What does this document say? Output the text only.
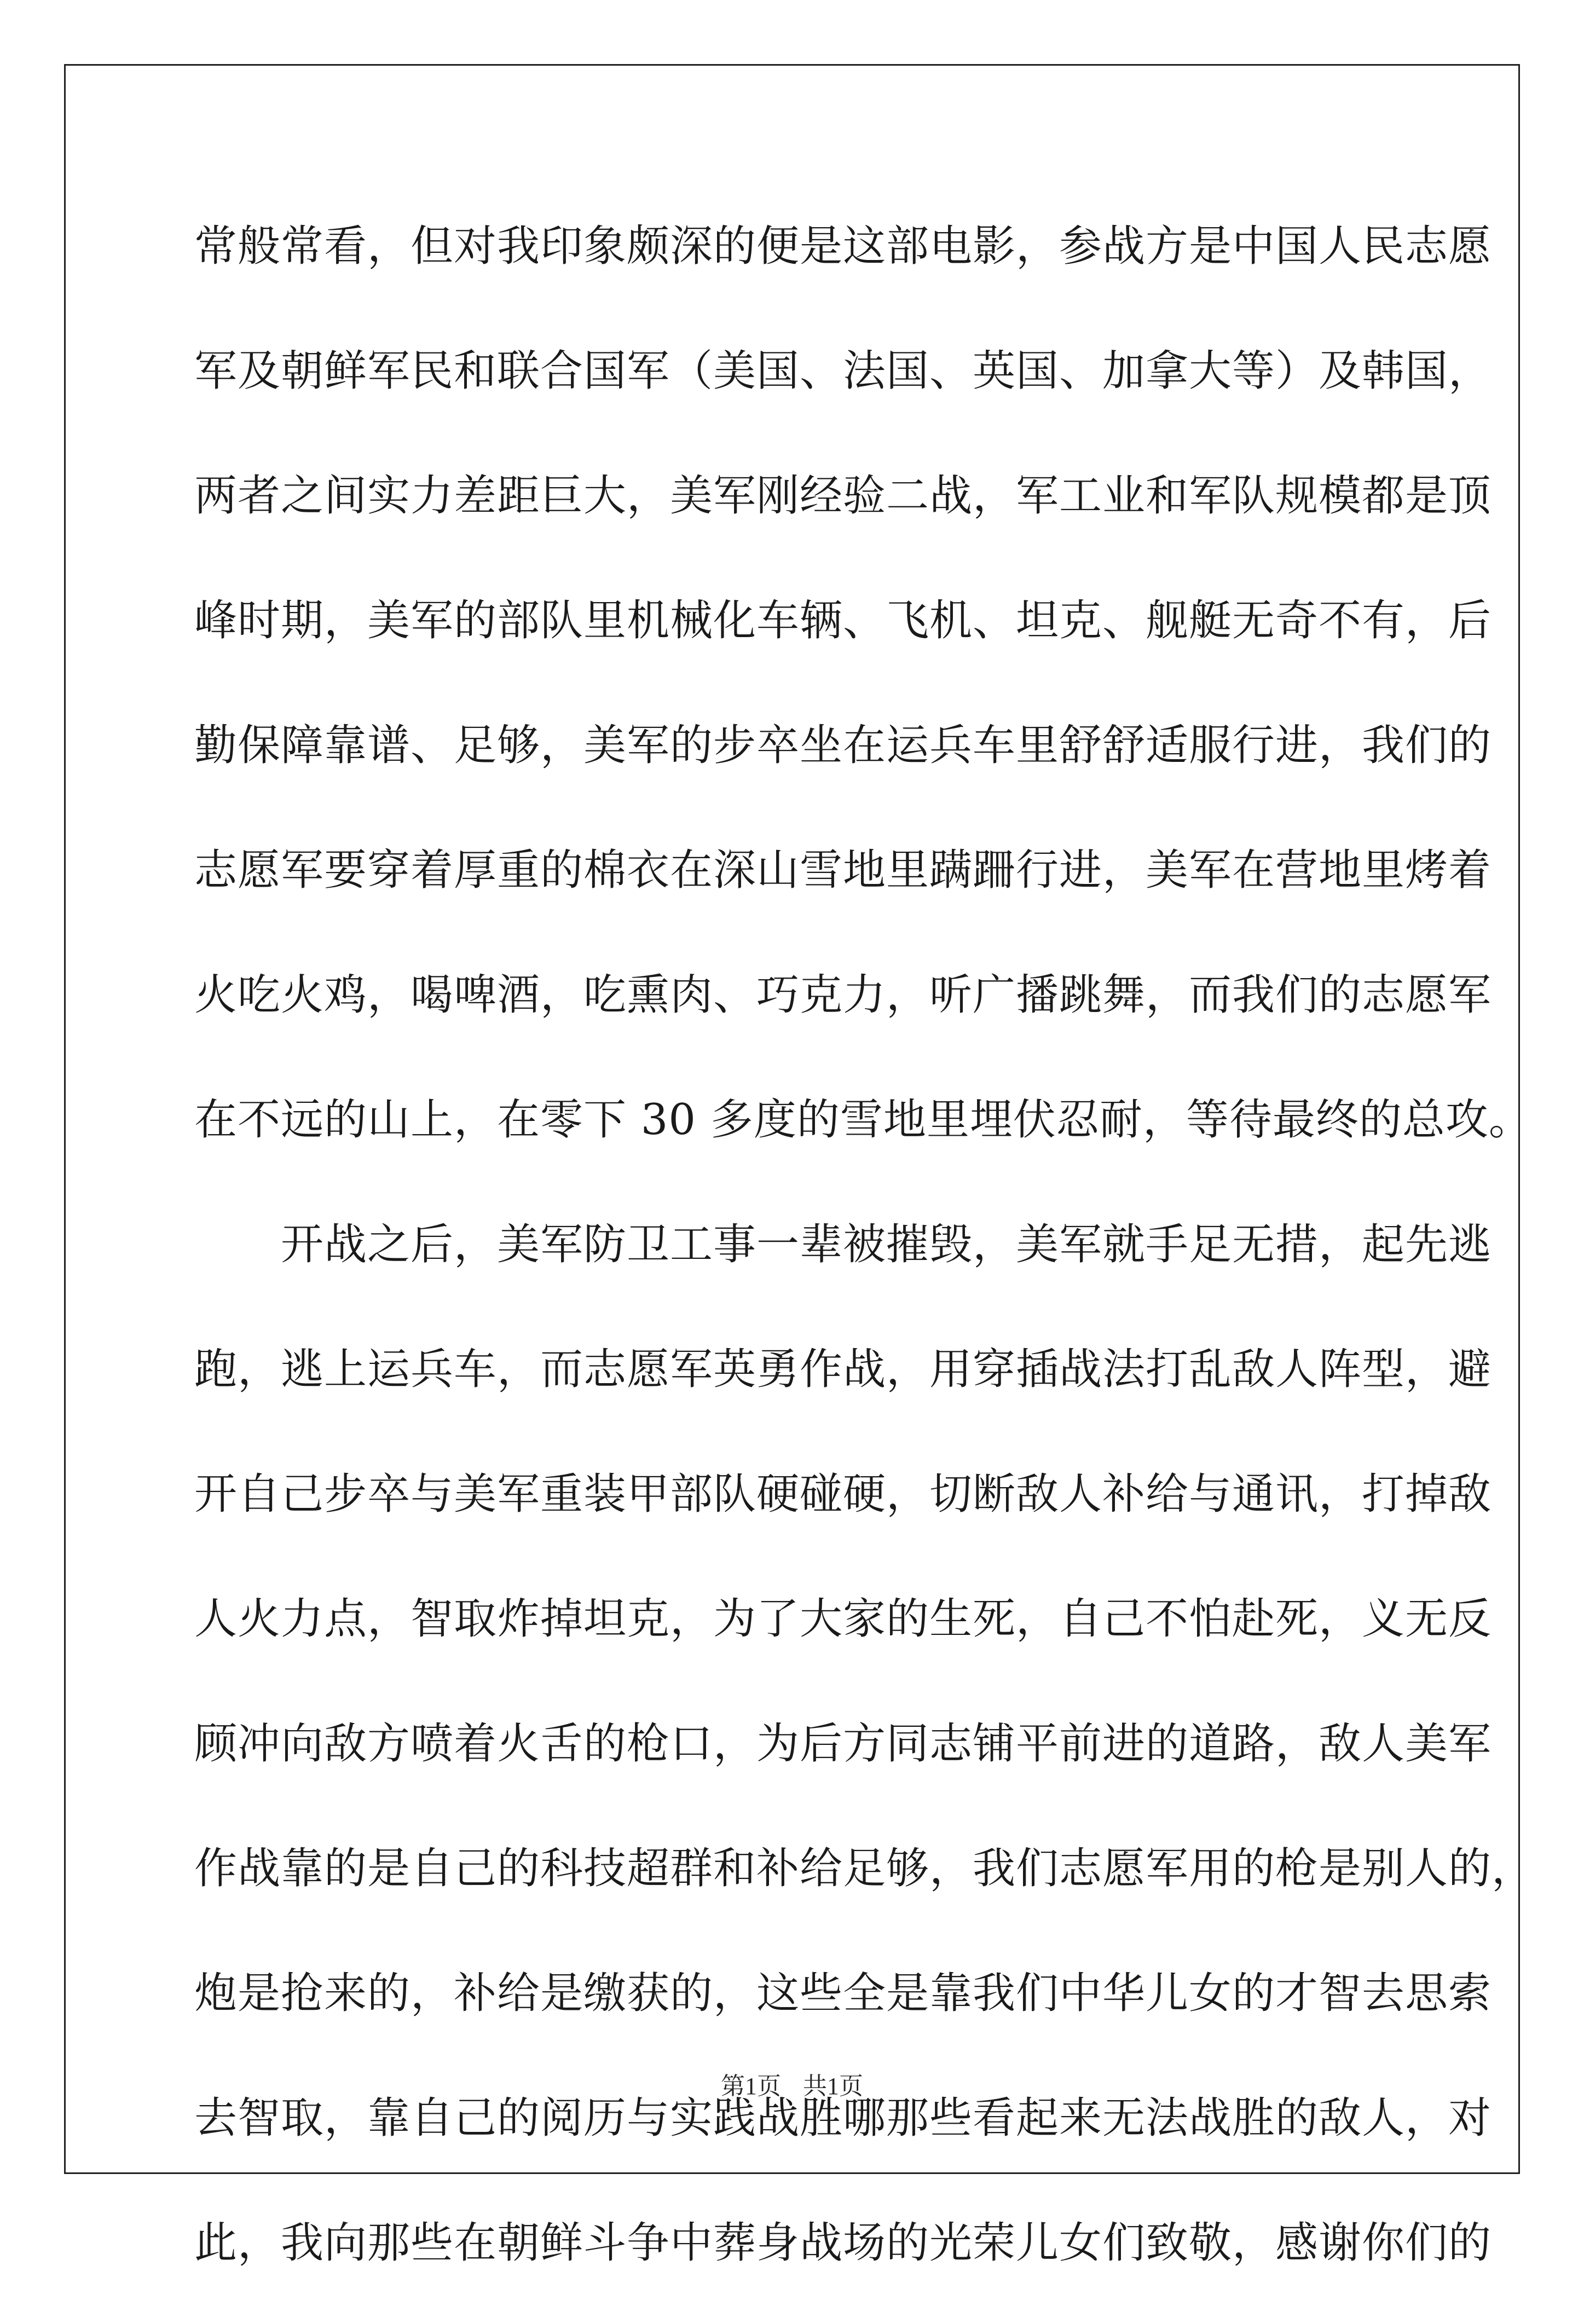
常般常看，但对我印象颇深的便是这部电影，参战方是中国人民志愿
军及朝鲜军民和联合国军（美国、法国、英国、加拿大等）及韩国，
两者之间实力差距巨大，美军刚经验二战，军工业和军队规模都是顶
峰时期，美军的部队里机械化车辆、飞机、坦克、舰艇无奇不有，后
勤保障靠谱、足够，美军的步卒坐在运兵车里舒舒适服行进，我们的
志愿军要穿着厚重的棉衣在深山雪地里蹒跚行进，美军在营地里烤着
火吃火鸡，喝啤酒，吃熏肉、巧克力，听广播跳舞，而我们的志愿军
在不远的山上，在零下 30 多度的雪地里埋伏忍耐，等待最终的总攻。
　　开战之后，美军防卫工事一辈被摧毁，美军就手足无措，起先逃
跑，逃上运兵车，而志愿军英勇作战，用穿插战法打乱敌人阵型，避
开自己步卒与美军重装甲部队硬碰硬，切断敌人补给与通讯，打掉敌
人火力点，智取炸掉坦克，为了大家的生死，自己不怕赴死，义无反
顾冲向敌方喷着火舌的枪口，为后方同志铺平前进的道路，敌人美军
作战靠的是自己的科技超群和补给足够，我们志愿军用的枪是别人的，
炮是抢来的，补给是缴获的，这些全是靠我们中华儿女的才智去思索
去智取，靠自己的阅历与实践战胜哪那些看起来无法战胜的敌人，对
此，我向那些在朝鲜斗争中葬身战场的光荣儿女们致敬，感谢你们的
第1页 共1页
